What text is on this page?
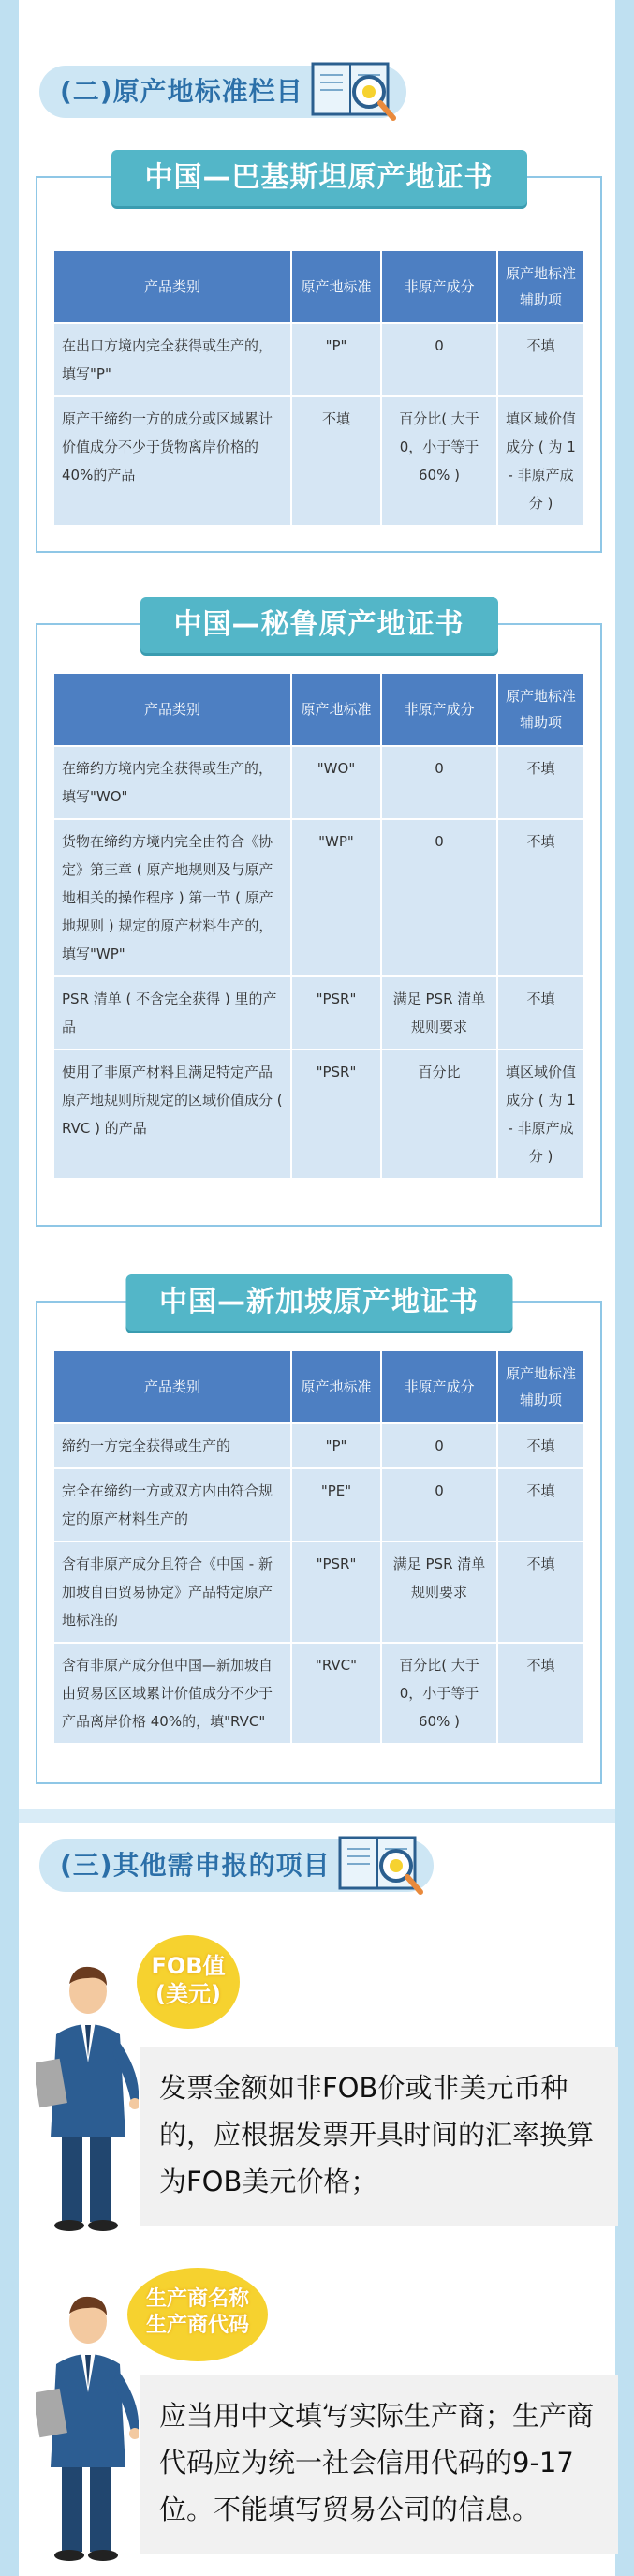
(二)原产地标准栏目
中国—巴基斯坦原产地证书
产品类别	原产地标准	非原产成分	原产地标准辅助项
在出口方境内完全获得或生产的，填写"P"	"P"	0	不填
原产于缔约一方的成分或区域累计价值成分不少于货物离岸价格的 40%的产品	不填	百分比( 大于 0，小于等于 60% )	填区域价值成分 ( 为 1 - 非原产成分 )
中国—秘鲁原产地证书
产品类别	原产地标准	非原产成分	原产地标准辅助项
在缔约方境内完全获得或生产的，填写"WO"	"WO"	0	不填
货物在缔约方境内完全由符合《协定》第三章 ( 原产地规则及与原产地相关的操作程序 ) 第一节 ( 原产地规则 ) 规定的原产材料生产的，填写"WP"	"WP"	0	不填
PSR 清单 ( 不含完全获得 ) 里的产品	"PSR"	满足 PSR 清单规则要求	不填
使用了非原产材料且满足特定产品原产地规则所规定的区域价值成分 ( RVC ) 的产品	"PSR"	百分比	填区域价值成分 ( 为 1 - 非原产成分 )
中国—新加坡原产地证书
产品类别	原产地标准	非原产成分	原产地标准辅助项
缔约一方完全获得或生产的	"P"	0	不填
完全在缔约一方或双方内由符合规定的原产材料生产的	"PE"	0	不填
含有非原产成分且符合《中国 - 新加坡自由贸易协定》产品特定原产地标准的	"PSR"	满足 PSR 清单规则要求	不填
含有非原产成分但中国—新加坡自由贸易区区域累计价值成分不少于产品离岸价格 40%的，填"RVC"	"RVC"	百分比( 大于 0，小于等于 60% )	不填
(三)其他需申报的项目
FOB值
(美元)
发票金额如非FOB价或非美元币种的，应根据发票开具时间的汇率换算为FOB美元价格；
生产商名称
生产商代码
应当用中文填写实际生产商；生产商代码应为统一社会信用代码的9-17位。不能填写贸易公司的信息。
